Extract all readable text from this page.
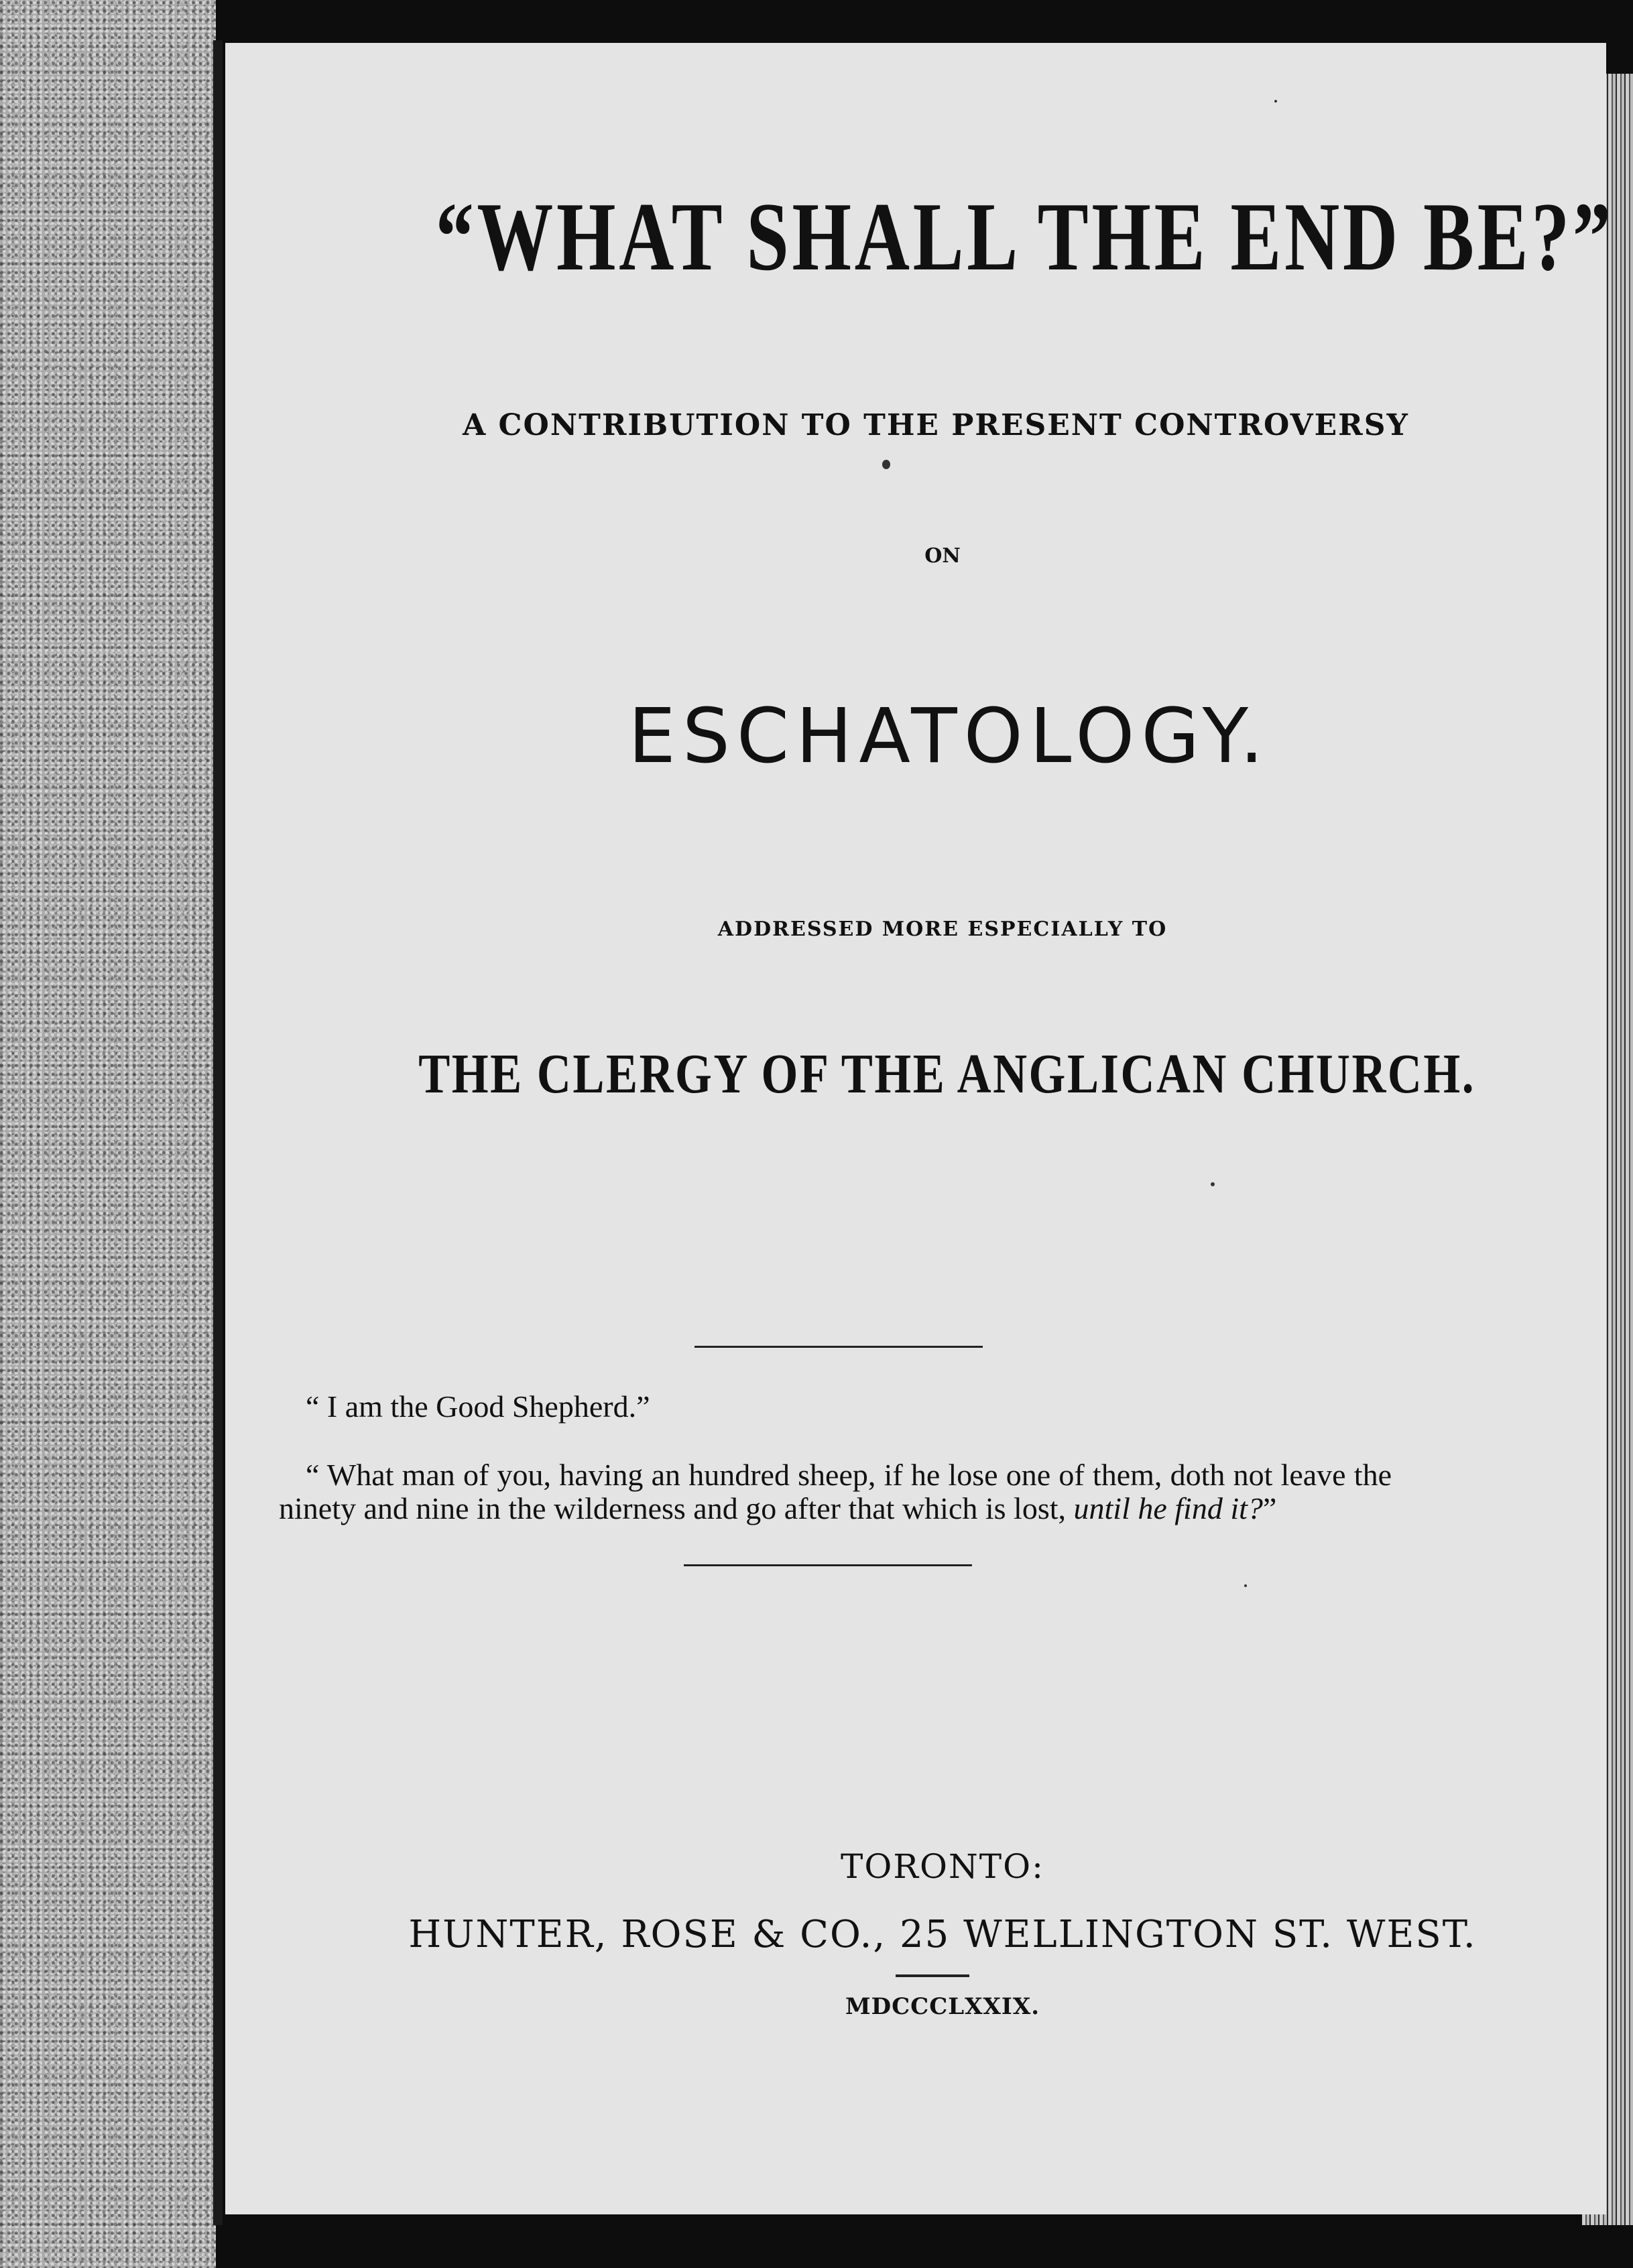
“WHAT SHALL THE END BE?”
A CONTRIBUTION TO THE PRESENT CONTROVERSY
ON
ESCHATOLOGY.
ADDRESSED MORE ESPECIALLY TO
THE CLERGY OF THE ANGLICAN CHURCH.
“ I am the Good Shepherd.”
“ What man of you, having an hundred sheep, if he lose one of them, doth not leave the ninety and nine in the wilderness and go after that which is lost, until he find it?”
TORONTO:
HUNTER, ROSE & CO., 25 WELLINGTON ST. WEST.
MDCCCLXXIX.
